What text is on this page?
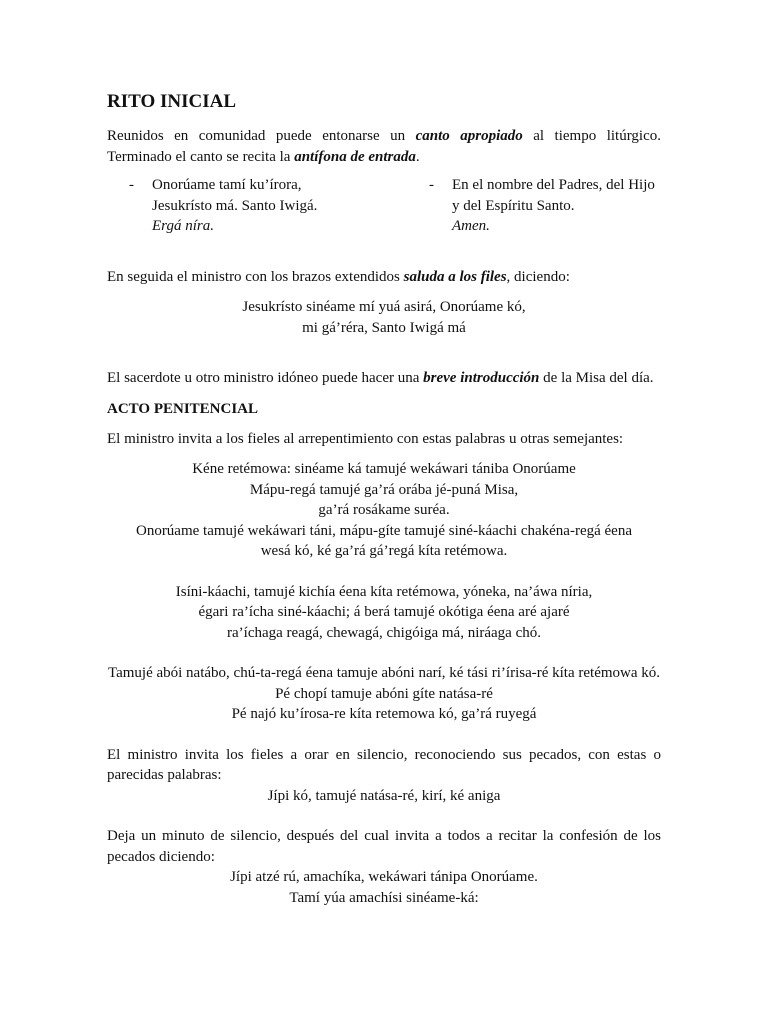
RITO INICIAL

Reunidos en comunidad puede entonarse un canto apropiado al tiempo litúrgico. Terminado el canto se recita la antífona de entrada.

-	Onorúame tamí ku’írora,
Jesukrísto má. Santo Iwigá.
Ergá níra.
-	En el nombre del Padres, del Hijo
y del Espíritu Santo.
Amen.

En seguida el ministro con los brazos extendidos saluda a los files, diciendo:

Jesukrísto sinéame mí yuá asirá, Onorúame kó,
mi gá’réra, Santo Iwigá má

El sacerdote u otro ministro idóneo puede hacer una breve introducción de la Misa del día.

ACTO PENITENCIAL

El ministro invita a los fieles al arrepentimiento con estas palabras u otras semejantes:

Kéne retémowa: sinéame ká tamujé wekáwari tániba Onorúame
Mápu-regá tamujé ga’rá orába jé-puná Misa,
ga’rá rosákame suréa.
Onorúame tamujé wekáwari táni, mápu-gíte tamujé siné-káachi chakéna-regá éena
wesá kó, ké ga’rá gá’regá kíta retémowa.
Isíni-káachi, tamujé kichía éena kíta retémowa, yóneka, na’áwa níria,
égari ra’ícha siné-káachi; á berá tamujé okótiga éena aré ajaré
ra’íchaga reagá, chewagá, chigóiga má, niráaga chó.
Tamujé abói natábo, chú-ta-regá éena tamuje abóni narí, ké tási ri’írisa-ré kíta retémowa kó.
Pé chopí tamuje abóni gíte natása-ré
Pé najó ku’írosa-re kíta retemowa kó, ga’rá ruyegá

El ministro invita los fieles a orar en silencio, reconociendo sus pecados, con estas o parecidas palabras:

Jípi kó, tamujé natása-ré, kirí, ké aniga

Deja un minuto de silencio, después del cual invita a todos a recitar la confesión de los pecados diciendo:

Jípi atzé rú, amachíka, wekáwari tánipa Onorúame.
Tamí yúa amachísi sinéame-ká:
